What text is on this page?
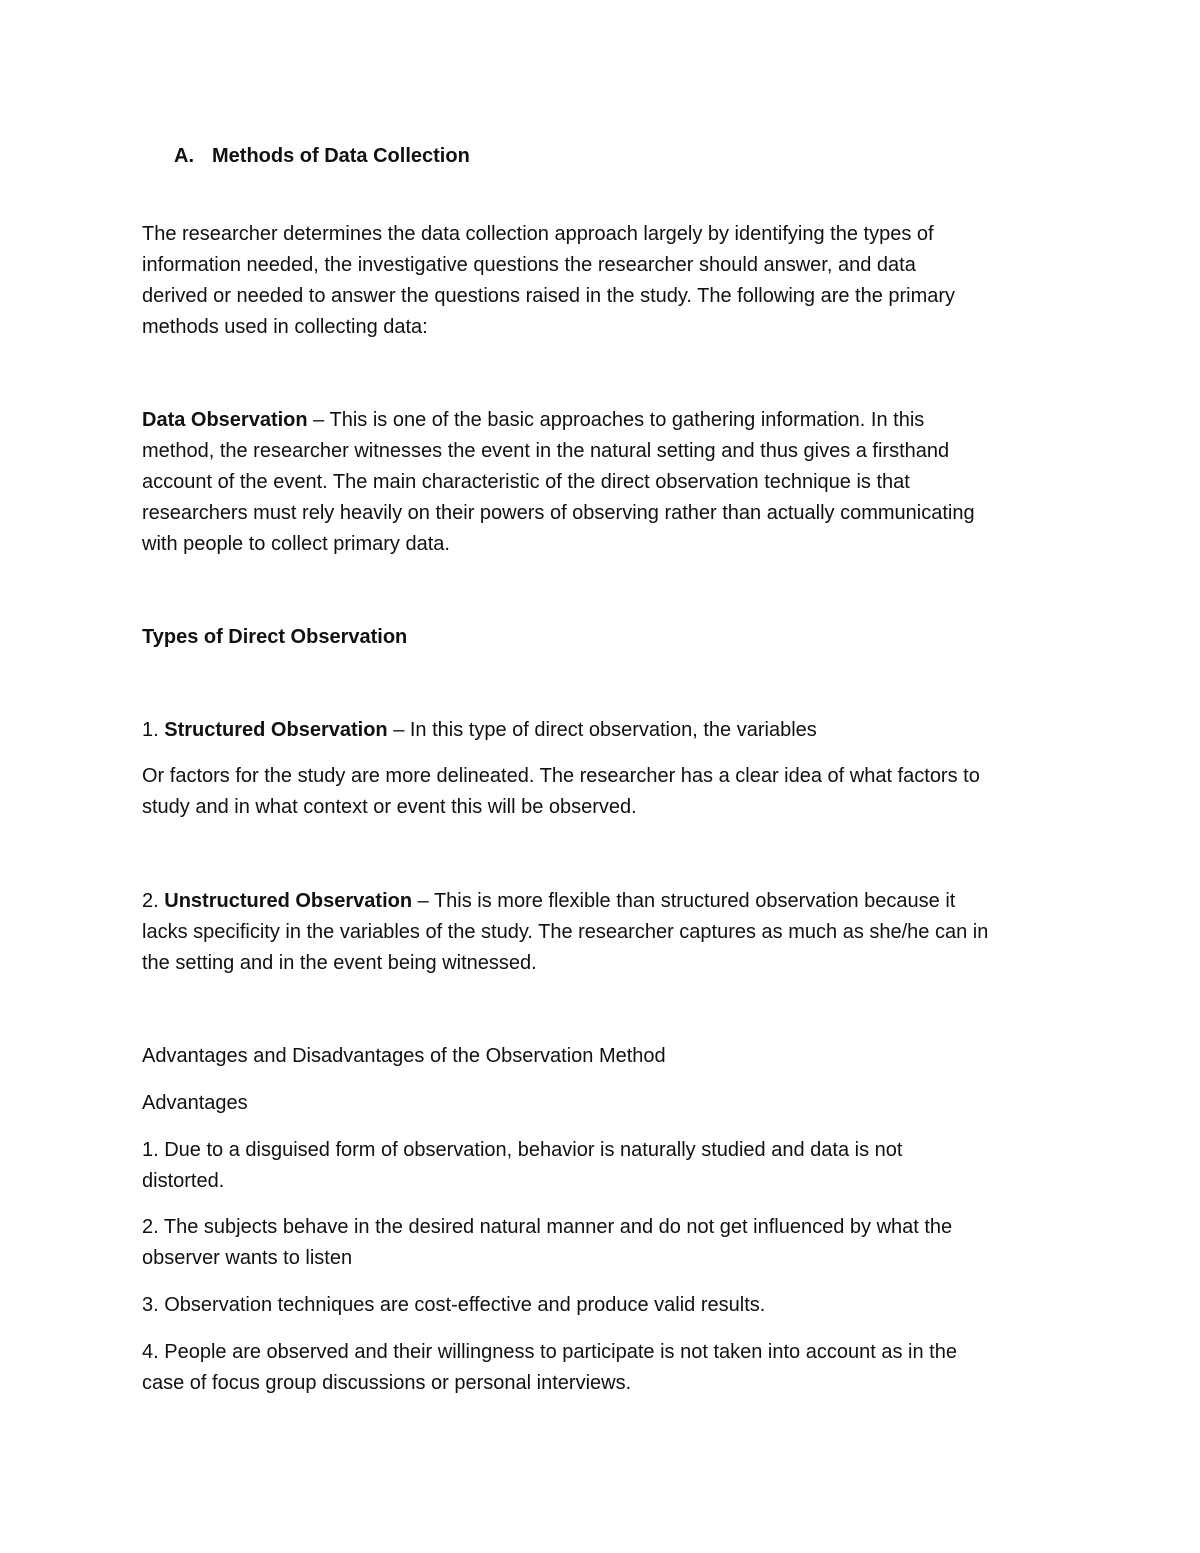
A. Methods of Data Collection

The researcher determines the data collection approach largely by identifying the types of

information needed, the investigative questions the researcher should answer, and data

derived or needed to answer the questions raised in the study. The following are the primary

methods used in collecting data:

Data Observation – This is one of the basic approaches to gathering information. In this

method, the researcher witnesses the event in the natural setting and thus gives a firsthand

account of the event. The main characteristic of the direct observation technique is that

researchers must rely heavily on their powers of observing rather than actually communicating

with people to collect primary data.

Types of Direct Observation

1. Structured Observation – In this type of direct observation, the variables

Or factors for the study are more delineated. The researcher has a clear idea of what factors to

study and in what context or event this will be observed.

2. Unstructured Observation – This is more flexible than structured observation because it

lacks specificity in the variables of the study. The researcher captures as much as she/he can in

the setting and in the event being witnessed.

Advantages and Disadvantages of the Observation Method

Advantages

1. Due to a disguised form of observation, behavior is naturally studied and data is not

distorted.

2. The subjects behave in the desired natural manner and do not get influenced by what the

observer wants to listen

3. Observation techniques are cost-effective and produce valid results.

4. People are observed and their willingness to participate is not taken into account as in the

case of focus group discussions or personal interviews.
